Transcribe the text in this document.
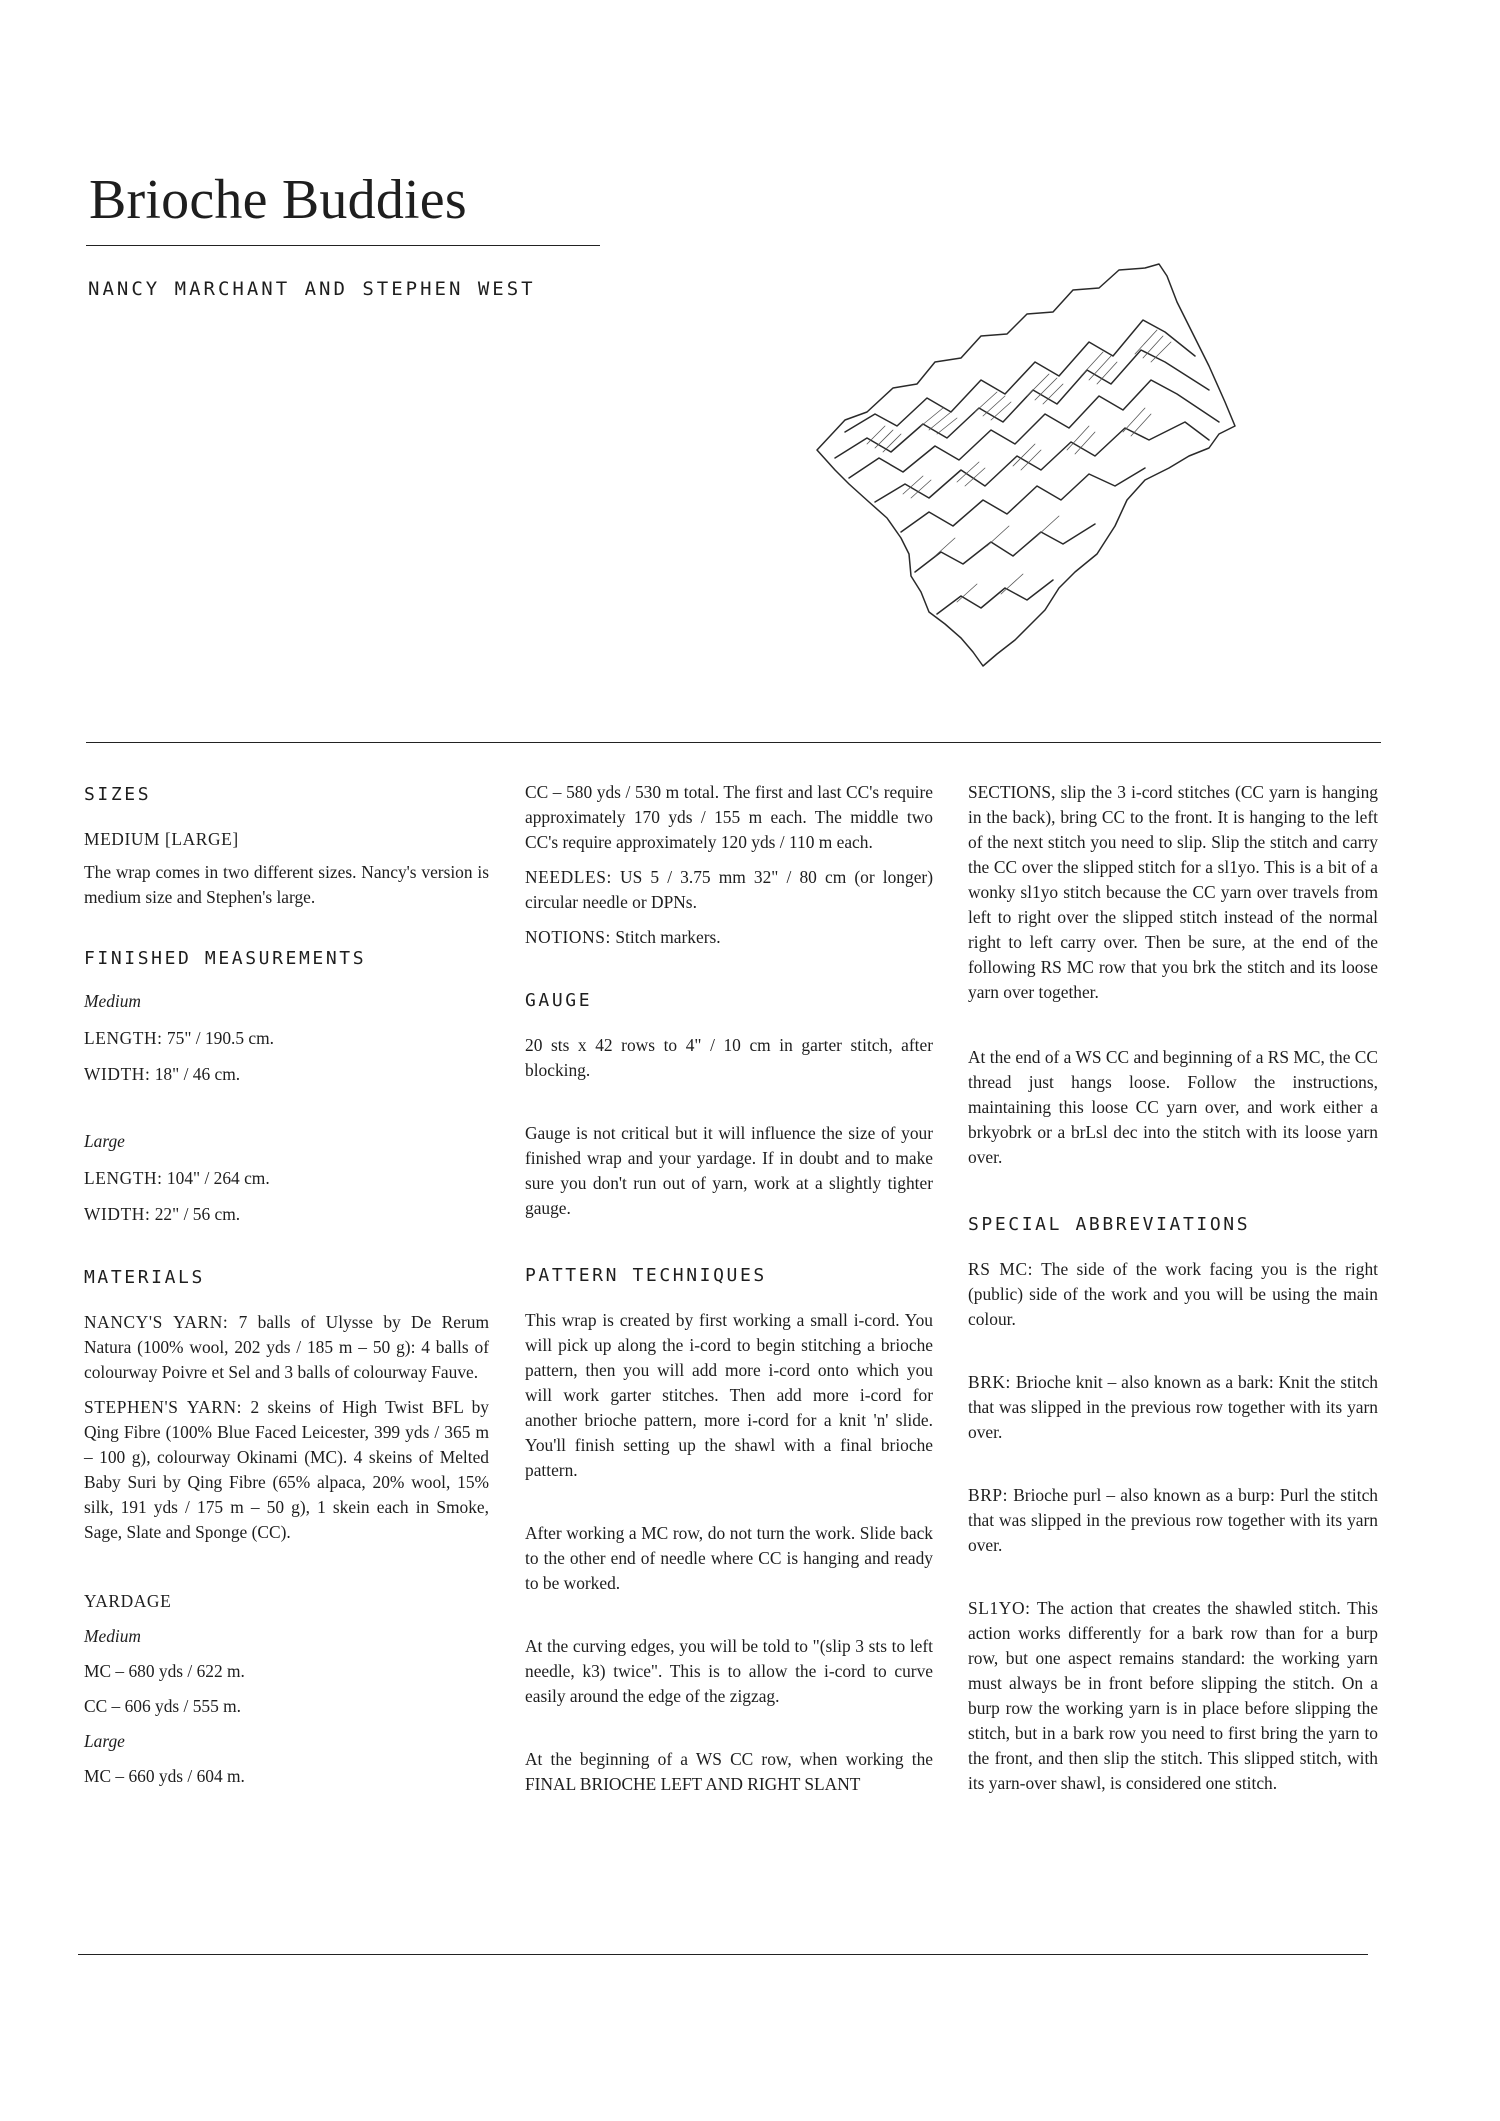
Brioche Buddies
NANCY MARCHANT AND STEPHEN WEST
SIZES
MEDIUM [LARGE]

The wrap comes in two different sizes. Nancy's version is medium size and Stephen's large.

FINISHED MEASUREMENTS
Medium
LENGTH: 75" / 190.5 cm.
WIDTH: 18" / 46 cm.
Large
LENGTH: 104" / 264 cm.
WIDTH: 22" / 56 cm.
MATERIALS

NANCY'S YARN: 7 balls of Ulysse by De Rerum Natura (100% wool, 202 yds / 185 m – 50 g): 4 balls of colourway Poivre et Sel and 3 balls of colourway Fauve.

STEPHEN'S YARN: 2 skeins of High Twist BFL by Qing Fibre (100% Blue Faced Leicester, 399 yds / 365 m – 100 g), colourway Okinami (MC). 4 skeins of Melted Baby Suri by Qing Fibre (65% alpaca, 20% wool, 15% silk, 191 yds / 175 m – 50 g), 1 skein each in Smoke, Sage, Slate and Sponge (CC).

YARDAGE
Medium
MC – 680 yds / 622 m.
CC – 606 yds / 555 m.
Large
MC – 660 yds / 604 m.

CC – 580 yds / 530 m total. The first and last CC's require approximately 170 yds / 155 m each. The middle two CC's require approximately 120 yds / 110 m each.

NEEDLES: US 5 / 3.75 mm 32" / 80 cm (or longer) circular needle or DPNs.

NOTIONS: Stitch markers.

GAUGE

20 sts x 42 rows to 4" / 10 cm in garter stitch, after blocking.

Gauge is not critical but it will influence the size of your finished wrap and your yardage. If in doubt and to make sure you don't run out of yarn, work at a slightly tighter gauge.

PATTERN TECHNIQUES

This wrap is created by first working a small i-cord. You will pick up along the i-cord to begin stitching a brioche pattern, then you will add more i-cord onto which you will work garter stitches. Then add more i-cord for another brioche pattern, more i-cord for a knit 'n' slide. You'll finish setting up the shawl with a final brioche pattern.

After working a MC row, do not turn the work. Slide back to the other end of needle where CC is hanging and ready to be worked.

At the curving edges, you will be told to "(slip 3 sts to left needle, k3) twice". This is to allow the i-cord to curve easily around the edge of the zigzag.

At the beginning of a WS CC row, when working the FINAL BRIOCHE LEFT AND RIGHT SLANT

SECTIONS, slip the 3 i-cord stitches (CC yarn is hanging in the back), bring CC to the front. It is hanging to the left of the next stitch you need to slip. Slip the stitch and carry the CC over the slipped stitch for a sl1yo. This is a bit of a wonky sl1yo stitch because the CC yarn over travels from left to right over the slipped stitch instead of the normal right to left carry over. Then be sure, at the end of the following RS MC row that you brk the stitch and its loose yarn over together.

At the end of a WS CC and beginning of a RS MC, the CC thread just hangs loose. Follow the instructions, maintaining this loose CC yarn over, and work either a brkyobrk or a brLsl dec into the stitch with its loose yarn over.

SPECIAL ABBREVIATIONS

RS MC: The side of the work facing you is the right (public) side of the work and you will be using the main colour.

BRK: Brioche knit – also known as a bark: Knit the stitch that was slipped in the previous row together with its yarn over.

BRP: Brioche purl – also known as a burp: Purl the stitch that was slipped in the previous row together with its yarn over.

SL1YO: The action that creates the shawled stitch. This action works differently for a bark row than for a burp row, but one aspect remains standard: the working yarn must always be in front before slipping the stitch. On a burp row the working yarn is in place before slipping the stitch, but in a bark row you need to first bring the yarn to the front, and then slip the stitch. This slipped stitch, with its yarn-over shawl, is considered one stitch.
